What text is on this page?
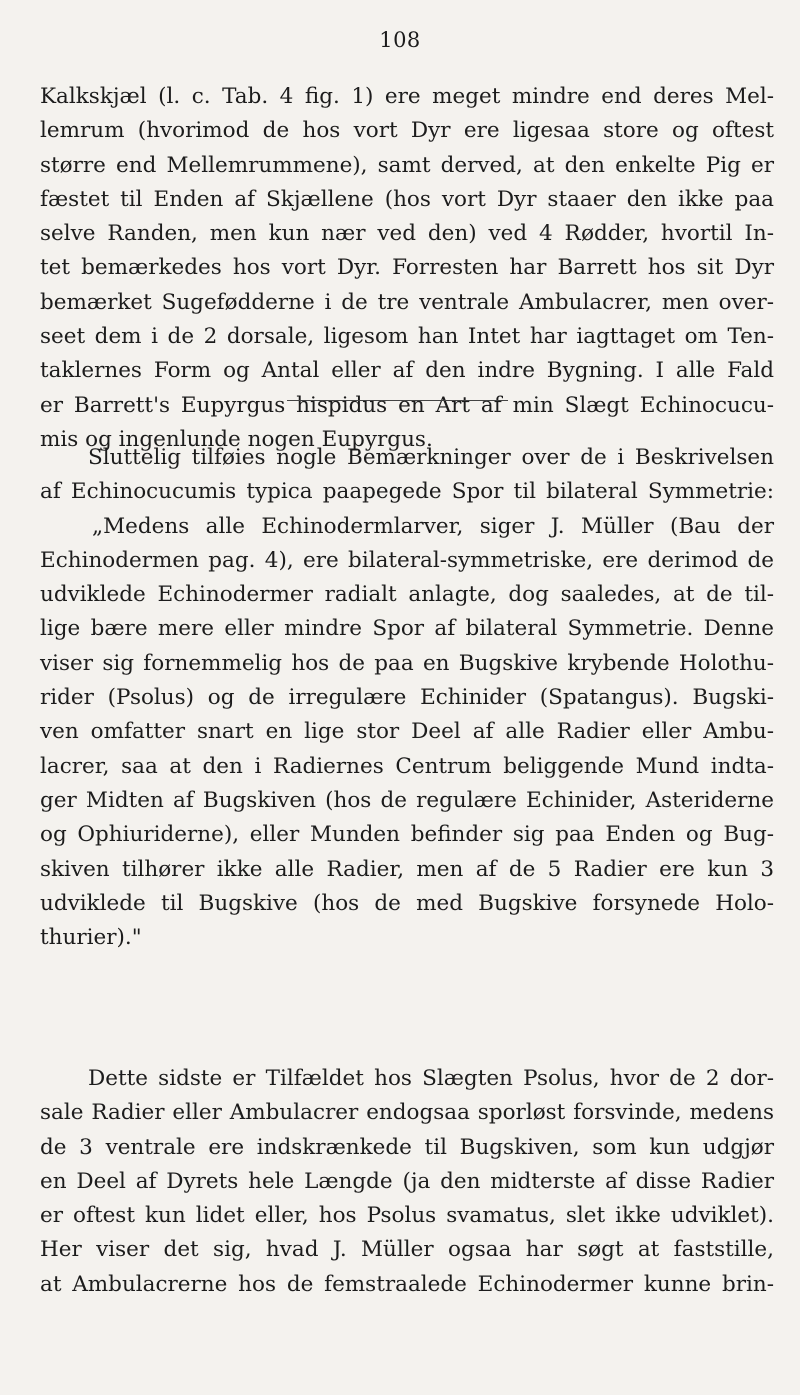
108
Kalkskjæl (l. c. Tab. 4 fig. 1) ere meget mindre end deres Mel-
lemrum (hvorimod de hos vort Dyr ere ligesaa store og oftest
større end Mellemrummene), samt derved, at den enkelte Pig er
fæstet til Enden af Skjællene (hos vort Dyr staaer den ikke paa
selve Randen, men kun nær ved den) ved 4 Rødder, hvortil In-
tet bemærkedes hos vort Dyr. Forresten har Barrett hos sit Dyr
bemærket Sugefødderne i de tre ventrale Ambulacrer, men over-
seet dem i de 2 dorsale, ligesom han Intet har iagttaget om Ten-
taklernes Form og Antal eller af den indre Bygning. I alle Fald
er Barrett's Eupyrgus hispidus en Art af min Slægt Echinocucu-
mis og ingenlunde nogen Eupyrgus.
Sluttelig tilføies nogle Bemærkninger over de i Beskrivelsen
af Echinocucumis typica paapegede Spor til bilateral Symmetrie:
„Medens alle Echinodermlarver, siger J. Müller (Bau der
Echinodermen pag. 4), ere bilateral-symmetriske, ere derimod de
udviklede Echinodermer radialt anlagte, dog saaledes, at de til-
lige bære mere eller mindre Spor af bilateral Symmetrie. Denne
viser sig fornemmelig hos de paa en Bugskive krybende Holothu-
rider (Psolus) og de irregulære Echinider (Spatangus). Bugski-
ven omfatter snart en lige stor Deel af alle Radier eller Ambu-
lacrer, saa at den i Radiernes Centrum beliggende Mund indta-
ger Midten af Bugskiven (hos de regulære Echinider, Asteriderne
og Ophiuriderne), eller Munden befinder sig paa Enden og Bug-
skiven tilhører ikke alle Radier, men af de 5 Radier ere kun 3
udviklede til Bugskive (hos de med Bugskive forsynede Holo-
thurier)."
Dette sidste er Tilfældet hos Slægten Psolus, hvor de 2 dor-
sale Radier eller Ambulacrer endogsaa sporløst forsvinde, medens
de 3 ventrale ere indskrænkede til Bugskiven, som kun udgjør
en Deel af Dyrets hele Længde (ja den midterste af disse Radier
er oftest kun lidet eller, hos Psolus svamatus, slet ikke udviklet).
Her viser det sig, hvad J. Müller ogsaa har søgt at faststille,
at Ambulacrerne hos de femstraalede Echinodermer kunne brin-
